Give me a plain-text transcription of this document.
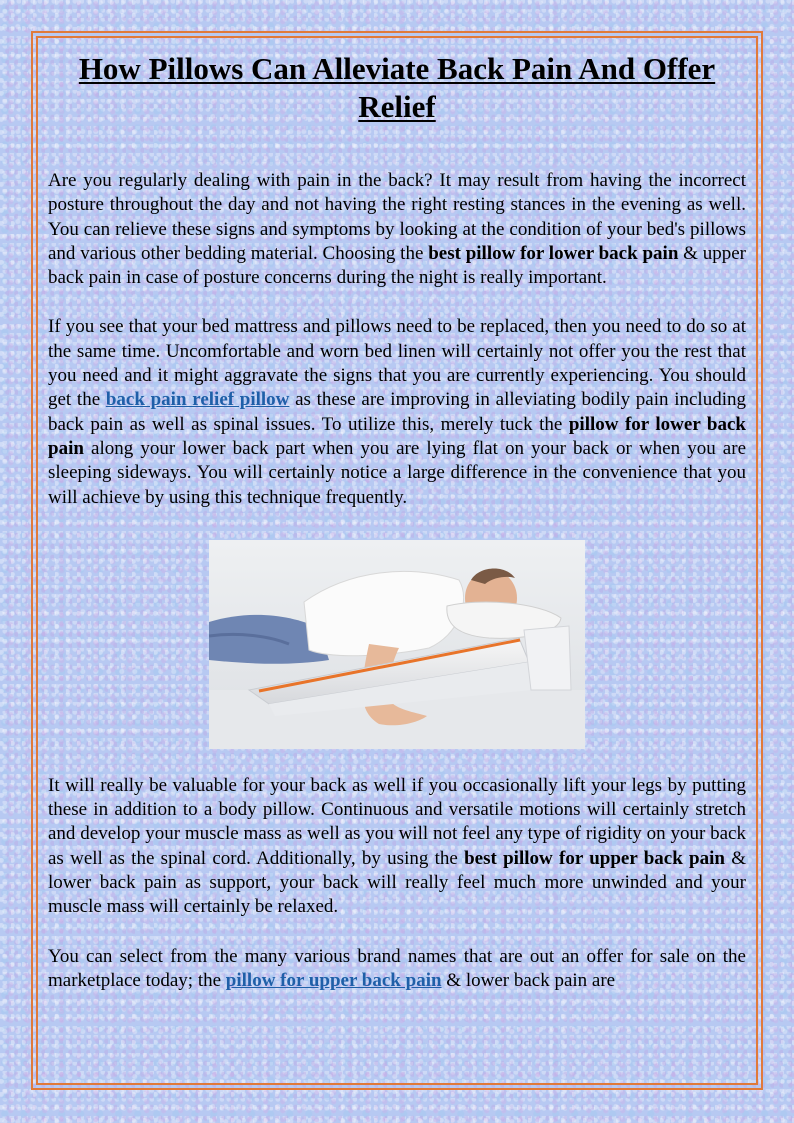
How Pillows Can Alleviate Back Pain And Offer Relief

Are you regularly dealing with pain in the back? It may result from having the incorrect posture throughout the day and not having the right resting stances in the evening as well. You can relieve these signs and symptoms by looking at the condition of your bed's pillows and various other bedding material. Choosing the best pillow for lower back pain & upper back pain in case of posture concerns during the night is really important.

If you see that your bed mattress and pillows need to be replaced, then you need to do so at the same time. Uncomfortable and worn bed linen will certainly not offer you the rest that you need and it might aggravate the signs that you are currently experiencing. You should get the back pain relief pillow as these are improving in alleviating bodily pain including back pain as well as spinal issues. To utilize this, merely tuck the pillow for lower back pain along your lower back part when you are lying flat on your back or when you are sleeping sideways. You will certainly notice a large difference in the convenience that you will achieve by using this technique frequently.

It will really be valuable for your back as well if you occasionally lift your legs by putting these in addition to a body pillow. Continuous and versatile motions will certainly stretch and develop your muscle mass as well as you will not feel any type of rigidity on your back as well as the spinal cord. Additionally, by using the best pillow for upper back pain & lower back pain as support, your back will really feel much more unwinded and your muscle mass will certainly be relaxed.

You can select from the many various brand names that are out an offer for sale on the marketplace today; the pillow for upper back pain & lower back pain are
